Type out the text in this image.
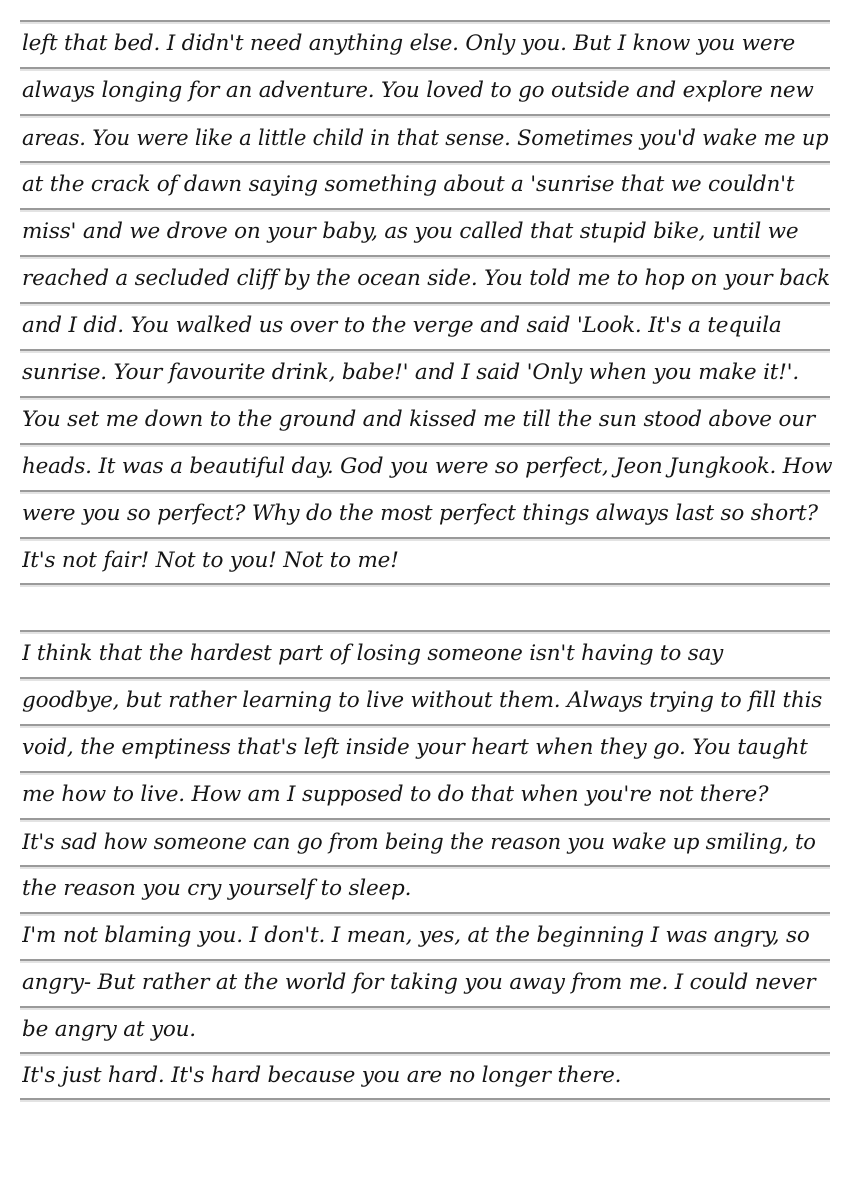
left that bed. I didn't need anything else. Only you. But I know you were
always longing for an adventure. You loved to go outside and explore new
areas. You were like a little child in that sense. Sometimes you'd wake me up
at the crack of dawn saying something about a 'sunrise that we couldn't
miss' and we drove on your baby, as you called that stupid bike, until we
reached a secluded cliff by the ocean side. You told me to hop on your back
and I did. You walked us over to the verge and said 'Look. It's a tequila
sunrise. Your favourite drink, babe!' and I said 'Only when you make it!'.
You set me down to the ground and kissed me till the sun stood above our
heads. It was a beautiful day. God you were so perfect, Jeon Jungkook. How
were you so perfect? Why do the most perfect things always last so short?
It's not fair! Not to you! Not to me!
I think that the hardest part of losing someone isn't having to say
goodbye, but rather learning to live without them. Always trying to fill this
void, the emptiness that's left inside your heart when they go. You taught
me how to live. How am I supposed to do that when you're not there?
It's sad how someone can go from being the reason you wake up smiling, to
the reason you cry yourself to sleep.
I'm not blaming you. I don't. I mean, yes, at the beginning I was angry, so
angry- But rather at the world for taking you away from me. I could never
be angry at you.
It's just hard. It's hard because you are no longer there.
